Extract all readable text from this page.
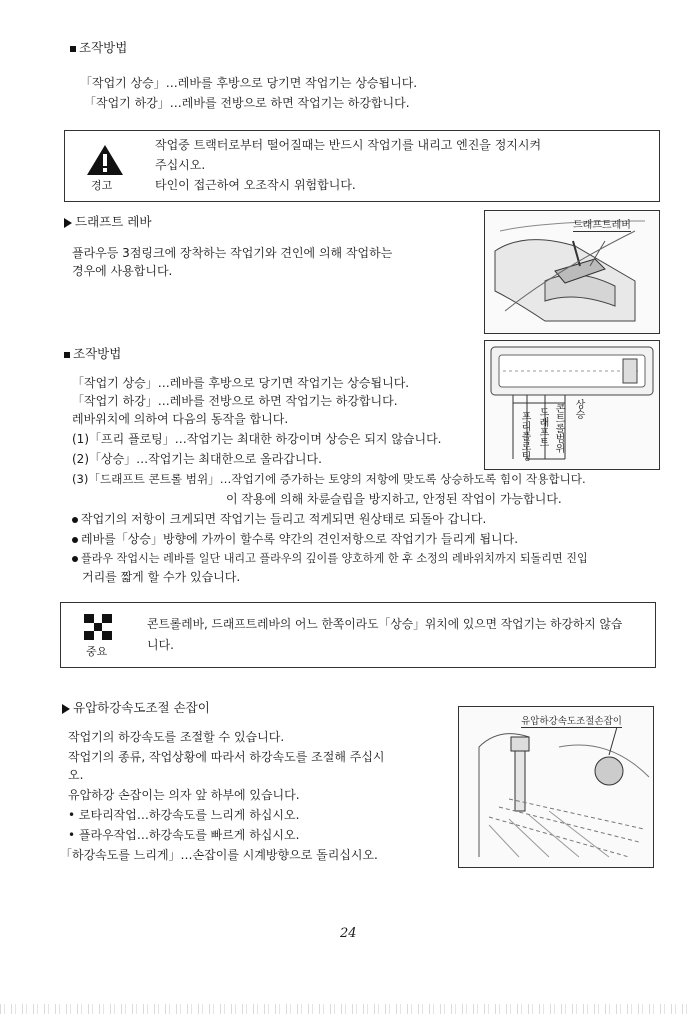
조작방법
「작업기 상승」…레바를 후방으로 당기면 작업기는 상승됩니다.
「작업기 하강」…레바를 전방으로 하면 작업기는 하강합니다.
경고
작업중 트랙터로부터 떨어질때는 반드시 작업기를 내리고 엔진을 정지시켜
주십시오.
타인이 접근하여 오조작시 위험합니다.
드래프트 레바
플라우등 3점링크에 장착하는 작업기와 견인에 의해 작업하는
경우에 사용합니다.
드래프트레버
조작방법
프리플로팅 드래프트 콘트롤범위 상승
「작업기 상승」…레바를 후방으로 당기면 작업기는 상승됩니다.
「작업기 하강」…레바를 전방으로 하면 작업기는 하강합니다.
레바위치에 의하여 다음의 동작을 합니다.
(1)「프리 플로팅」…작업기는 최대한 하강이며 상승은 되지 않습니다.
(2)「상승」…작업기는 최대한으로 올라갑니다.
(3)「드래프트 콘트롤 범위」…작업기에 증가하는 토양의 저항에 맞도록 상승하도록 힘이 작용합니다.
이 작용에 의해 차륜슬립을 방지하고, 안정된 작업이 가능합니다.
작업기의 저항이 크게되면 작업기는 들리고 적게되면 원상태로 되돌아 갑니다.
레바를「상승」방향에 가까이 할수록 약간의 견인저항으로 작업기가 들리게 됩니다.
플라우 작업시는 레바를 일단 내리고 플라우의 깊이를 양호하게 한 후 소정의 레바위치까지 되돌리면 진입
거리를 짧게 할 수가 있습니다.
중요
콘트롤레바, 드래프트레바의 어느 한쪽이라도「상승」위치에 있으면 작업기는 하강하지 않습
니다.
유압하강속도조절 손잡이
작업기의 하강속도를 조절할 수 있습니다.
작업기의 종류, 작업상황에 따라서 하강속도를 조절해 주십시
오.
유압하강 손잡이는 의자 앞 하부에 있습니다.
• 로타리작업…하강속도를 느리게 하십시오.
• 플라우작업…하강속도를 빠르게 하십시오.
「하강속도를 느리게」…손잡이를 시계방향으로 돌리십시오.
유압하강속도조절손잡이
24
